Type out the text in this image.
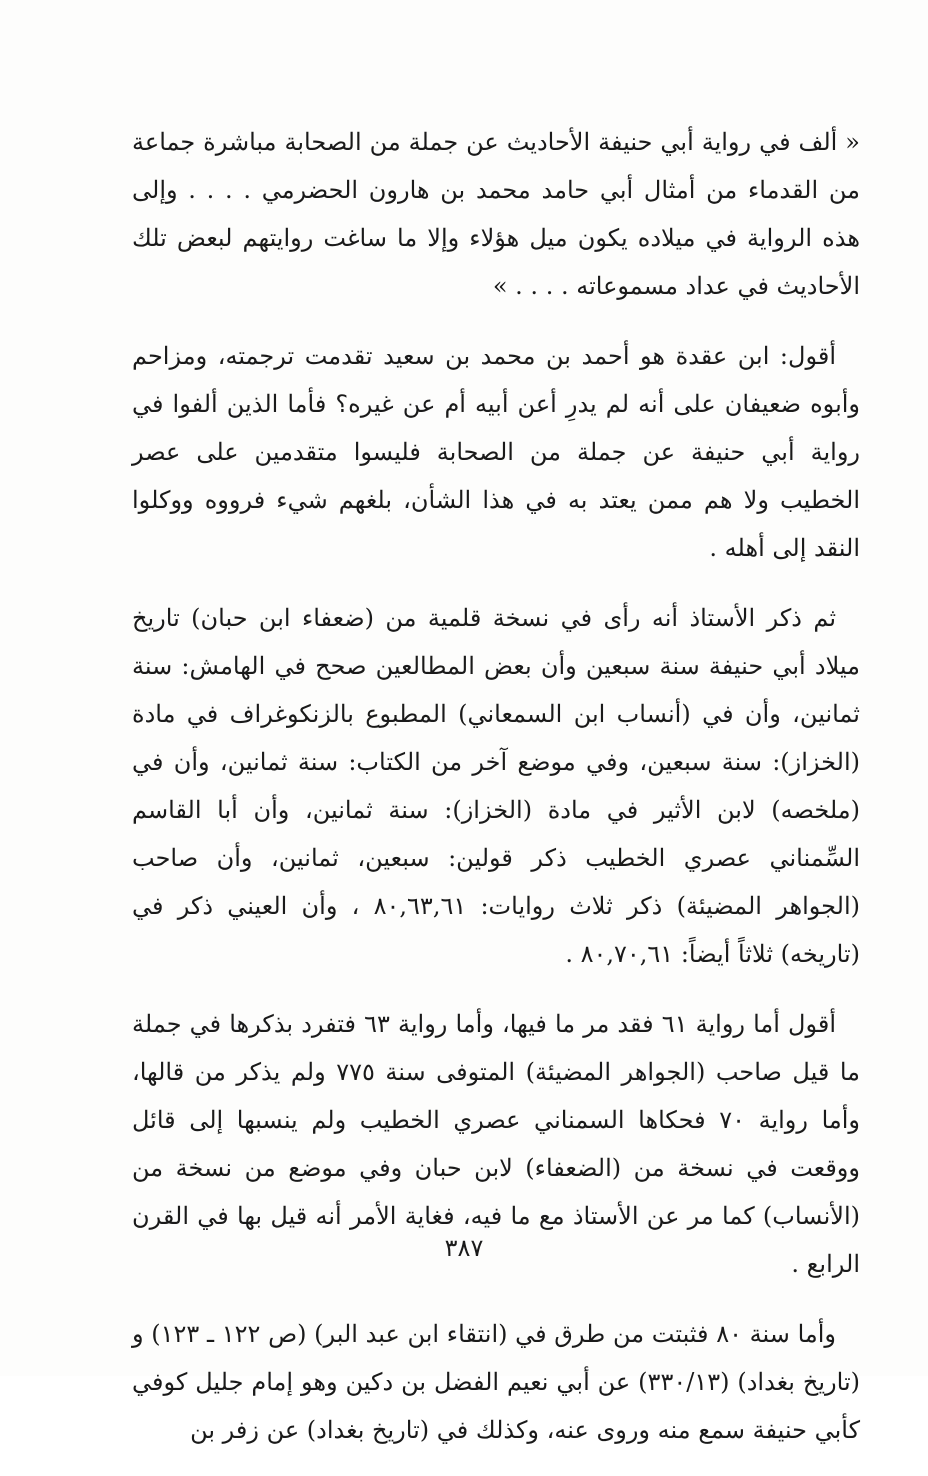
« ألف في رواية أبي حنيفة الأحاديث عن جملة من الصحابة مباشرة جماعة من القدماء من أمثال أبي حامد محمد بن هارون الحضرمي . . . . وإلى هذه الرواية في ميلاده يكون ميل هؤلاء وإلا ما ساغت روايتهم لبعض تلك الأحاديث في عداد مسموعاته . . . . »

أقول: ابن عقدة هو أحمد بن محمد بن سعيد تقدمت ترجمته، ومزاحم وأبوه ضعيفان على أنه لم يدرِ أعن أبيه أم عن غيره؟ فأما الذين ألفوا في رواية أبي حنيفة عن جملة من الصحابة فليسوا متقدمين على عصر الخطيب ولا هم ممن يعتد به في هذا الشأن، بلغهم شيء فرووه ووكلوا النقد إلى أهله .

ثم ذكر الأستاذ أنه رأى في نسخة قلمية من (ضعفاء ابن حبان) تاريخ ميلاد أبي حنيفة سنة سبعين وأن بعض المطالعين صحح في الهامش: سنة ثمانين، وأن في (أنساب ابن السمعاني) المطبوع بالزنكوغراف في مادة (الخزاز): سنة سبعين، وفي موضع آخر من الكتاب: سنة ثمانين، وأن في (ملخصه) لابن الأثير في مادة (الخزاز): سنة ثمانين، وأن أبا القاسم السِّمناني عصري الخطيب ذكر قولين: سبعين، ثمانين، وأن صاحب (الجواهر المضيئة) ذكر ثلاث روايات: ٨٠,٦٣,٦١ ، وأن العيني ذكر في (تاريخه) ثلاثاً أيضاً: ٨٠,٧٠,٦١ .

أقول أما رواية ٦١ فقد مر ما فيها، وأما رواية ٦٣ فتفرد بذكرها في جملة ما قيل صاحب (الجواهر المضيئة) المتوفى سنة ٧٧٥ ولم يذكر من قالها، وأما رواية ٧٠ فحكاها السمناني عصري الخطيب ولم ينسبها إلى قائل ووقعت في نسخة من (الضعفاء) لابن حبان وفي موضع من نسخة من (الأنساب) كما مر عن الأستاذ مع ما فيه، فغاية الأمر أنه قيل بها في القرن الرابع .

وأما سنة ٨٠ فثبتت من طرق في (انتقاء ابن عبد البر) (ص ١٢٢ ـ ١٢٣) و (تاريخ بغداد) (٣٣٠/١٣) عن أبي نعيم الفضل بن دكين وهو إمام جليل كوفي كأبي حنيفة سمع منه وروى عنه، وكذلك في (تاريخ بغداد) عن زفر بن

٣٨٧
